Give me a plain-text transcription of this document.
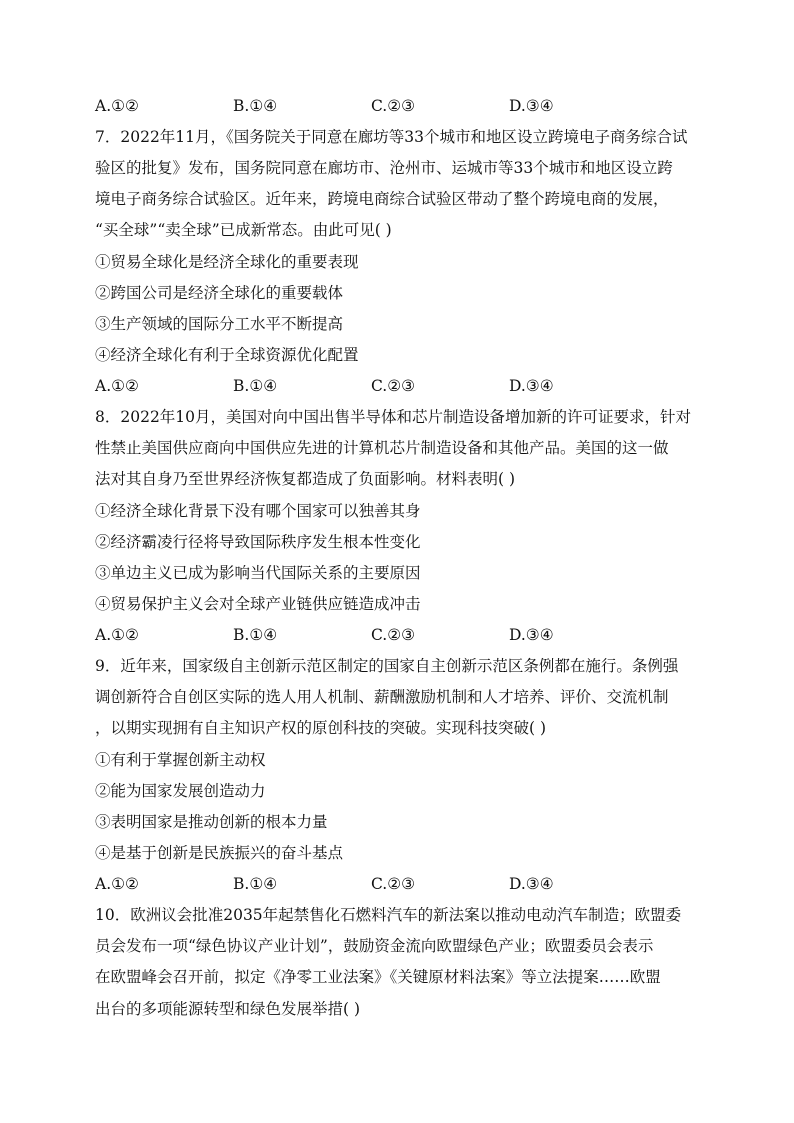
A.①②	B.①④	C.②③	D.③④
7．2022年11月，《国务院关于同意在廊坊等33个城市和地区设立跨境电子商务综合试
验区的批复》发布，国务院同意在廊坊市、沧州市、运城市等33个城市和地区设立跨
境电子商务综合试验区。近年来，跨境电商综合试验区带动了整个跨境电商的发展，
“买全球”“卖全球”已成新常态。由此可见( )
①贸易全球化是经济全球化的重要表现
②跨国公司是经济全球化的重要载体
③生产领域的国际分工水平不断提高
④经济全球化有利于全球资源优化配置
A.①②	B.①④	C.②③	D.③④
8．2022年10月，美国对向中国出售半导体和芯片制造设备增加新的许可证要求，针对
性禁止美国供应商向中国供应先进的计算机芯片制造设备和其他产品。美国的这一做
法对其自身乃至世界经济恢复都造成了负面影响。材料表明( )
①经济全球化背景下没有哪个国家可以独善其身
②经济霸凌行径将导致国际秩序发生根本性变化
③单边主义已成为影响当代国际关系的主要原因
④贸易保护主义会对全球产业链供应链造成冲击
A.①②	B.①④	C.②③	D.③④
9．近年来，国家级自主创新示范区制定的国家自主创新示范区条例都在施行。条例强
调创新符合自创区实际的选人用人机制、薪酬激励机制和人才培养、评价、交流机制
，以期实现拥有自主知识产权的原创科技的突破。实现科技突破( )
①有利于掌握创新主动权
②能为国家发展创造动力
③表明国家是推动创新的根本力量
④是基于创新是民族振兴的奋斗基点
A.①②	B.①④	C.②③	D.③④
10．欧洲议会批准2035年起禁售化石燃料汽车的新法案以推动电动汽车制造；欧盟委
员会发布一项“绿色协议产业计划”，鼓励资金流向欧盟绿色产业；欧盟委员会表示
在欧盟峰会召开前，拟定《净零工业法案》《关键原材料法案》等立法提案……欧盟
出台的多项能源转型和绿色发展举措( )
